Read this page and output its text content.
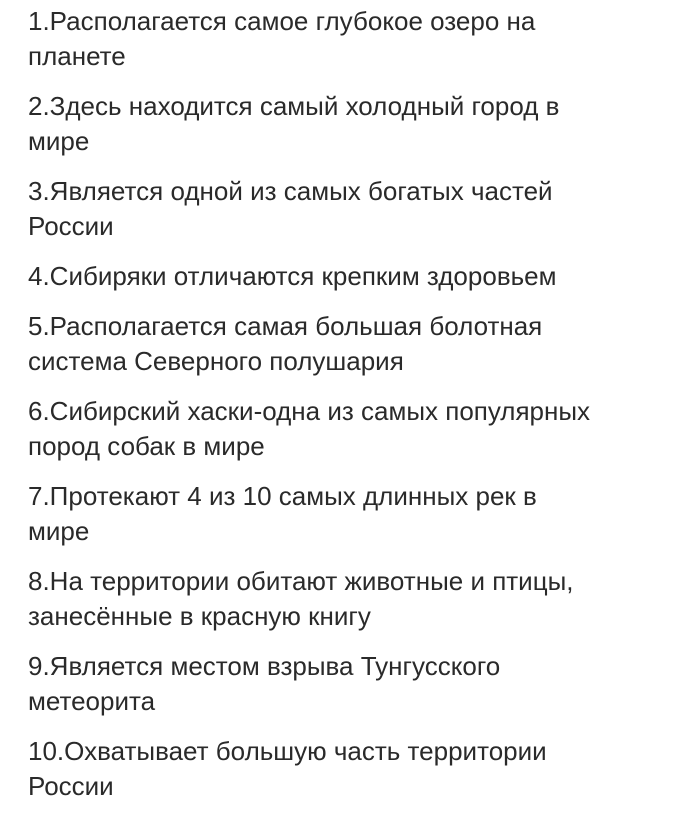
1.Располагается самое глубокое озеро на
планете
2.Здесь находится самый холодный город в
мире
3.Является одной из самых богатых частей
России
4.Сибиряки отличаются крепким здоровьем
5.Располагается самая большая болотная
система Северного полушария
6.Сибирский хаски-одна из самых популярных
пород собак в мире
7.Протекают 4 из 10 самых длинных рек в
мире
8.На территории обитают животные и птицы,
занесённые в красную книгу
9.Является местом взрыва Тунгусского
метеорита
10.Охватывает большую часть территории
России
